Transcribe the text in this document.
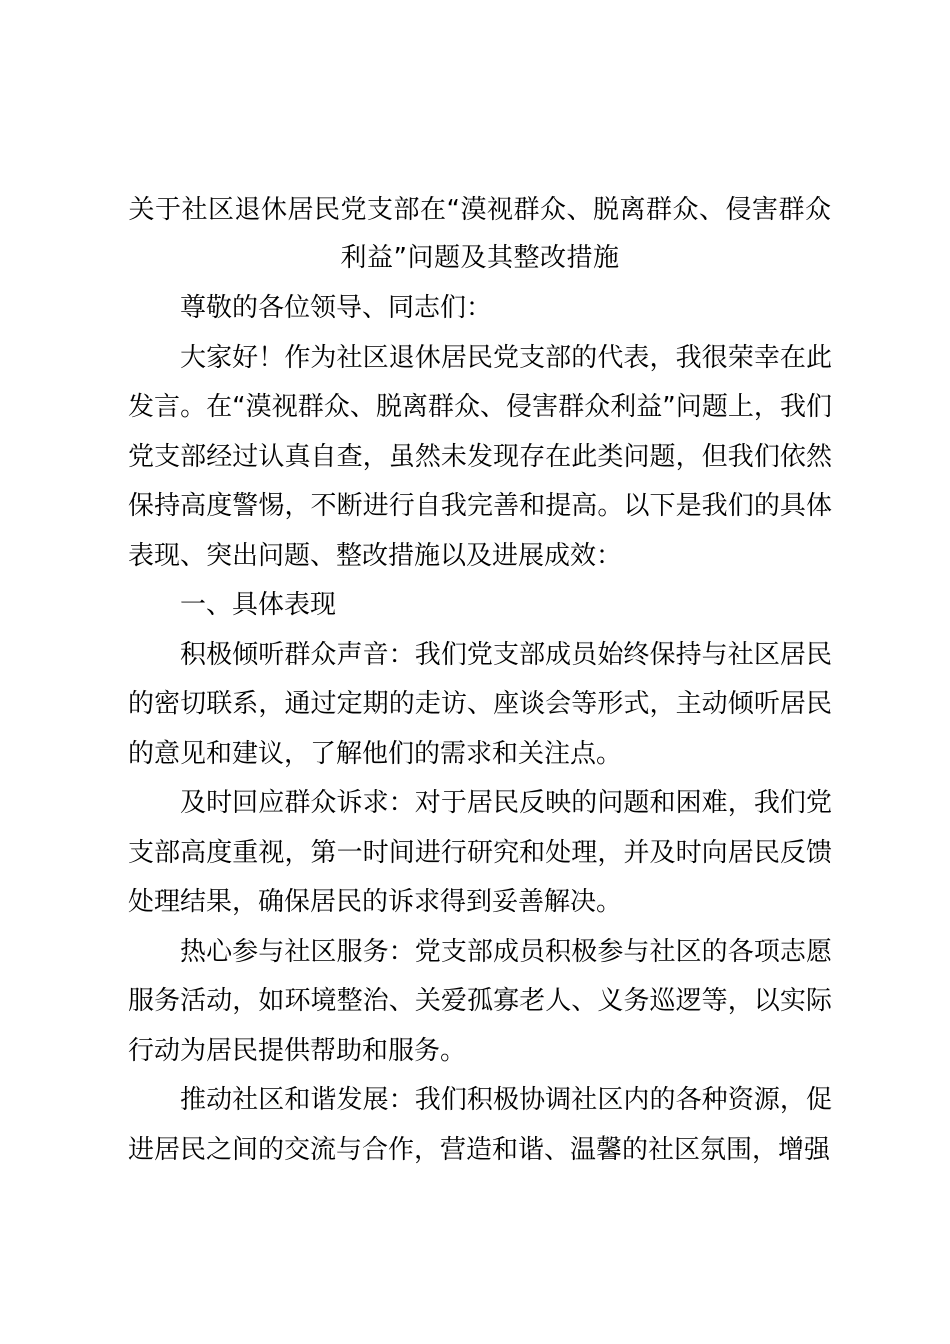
关于社区退休居民党支部在“漠视群众、脱离群众、侵害群众
利益”问题及其整改措施

尊敬的各位领导、同志们：

大家好！作为社区退休居民党支部的代表，我很荣幸在此发言。在“漠视群众、脱离群众、侵害群众利益”问题上，我们党支部经过认真自查，虽然未发现存在此类问题，但我们依然保持高度警惕，不断进行自我完善和提高。以下是我们的具体表现、突出问题、整改措施以及进展成效：

一、具体表现

积极倾听群众声音：我们党支部成员始终保持与社区居民的密切联系，通过定期的走访、座谈会等形式，主动倾听居民的意见和建议，了解他们的需求和关注点。

及时回应群众诉求：对于居民反映的问题和困难，我们党支部高度重视，第一时间进行研究和处理，并及时向居民反馈处理结果，确保居民的诉求得到妥善解决。

热心参与社区服务：党支部成员积极参与社区的各项志愿服务活动，如环境整治、关爱孤寡老人、义务巡逻等，以实际行动为居民提供帮助和服务。

推动社区和谐发展：我们积极协调社区内的各种资源，促进居民之间的交流与合作，营造和谐、温馨的社区氛围，增强
